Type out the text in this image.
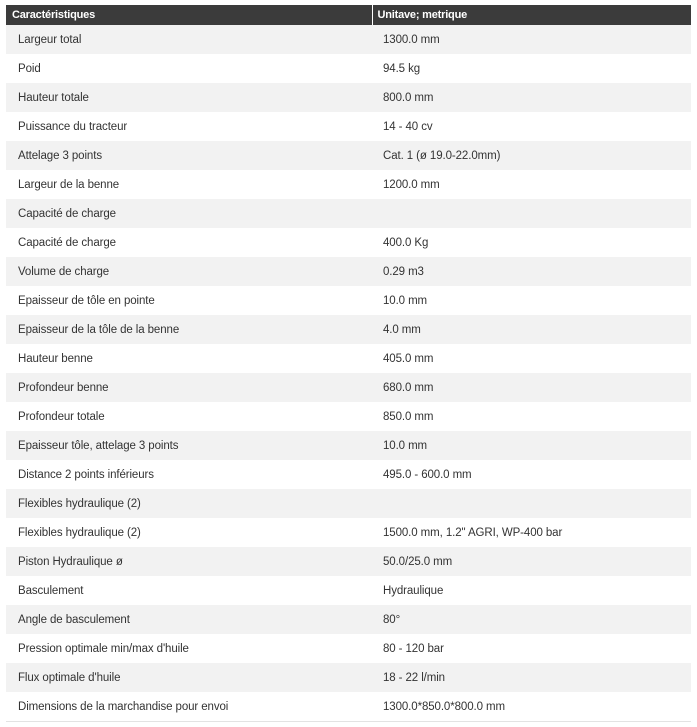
Caractéristiques	Unitave; metrique
Largeur total	1300.0 mm
Poid	94.5 kg
Hauteur totale	800.0 mm
Puissance du tracteur	14 - 40 cv
Attelage 3 points	Cat. 1 (ø 19.0-22.0mm)
Largeur de la benne	1200.0 mm
Capacité de charge	
Capacité de charge	400.0 Kg
Volume de charge	0.29 m3
Epaisseur de tôle en pointe	10.0 mm
Epaisseur de la tôle de la benne	4.0 mm
Hauteur benne	405.0 mm
Profondeur benne	680.0 mm
Profondeur totale	850.0 mm
Epaisseur tôle, attelage 3 points	10.0 mm
Distance 2 points inférieurs	495.0 - 600.0 mm
Flexibles hydraulique (2)	
Flexibles hydraulique (2)	1500.0 mm, 1.2" AGRI, WP-400 bar
Piston Hydraulique ø	50.0/25.0 mm
Basculement	Hydraulique
Angle de basculement	80°
Pression optimale min/max d'huile	80 - 120 bar
Flux optimale d'huile	18 - 22 l/min
Dimensions de la marchandise pour envoi	1300.0*850.0*800.0 mm
